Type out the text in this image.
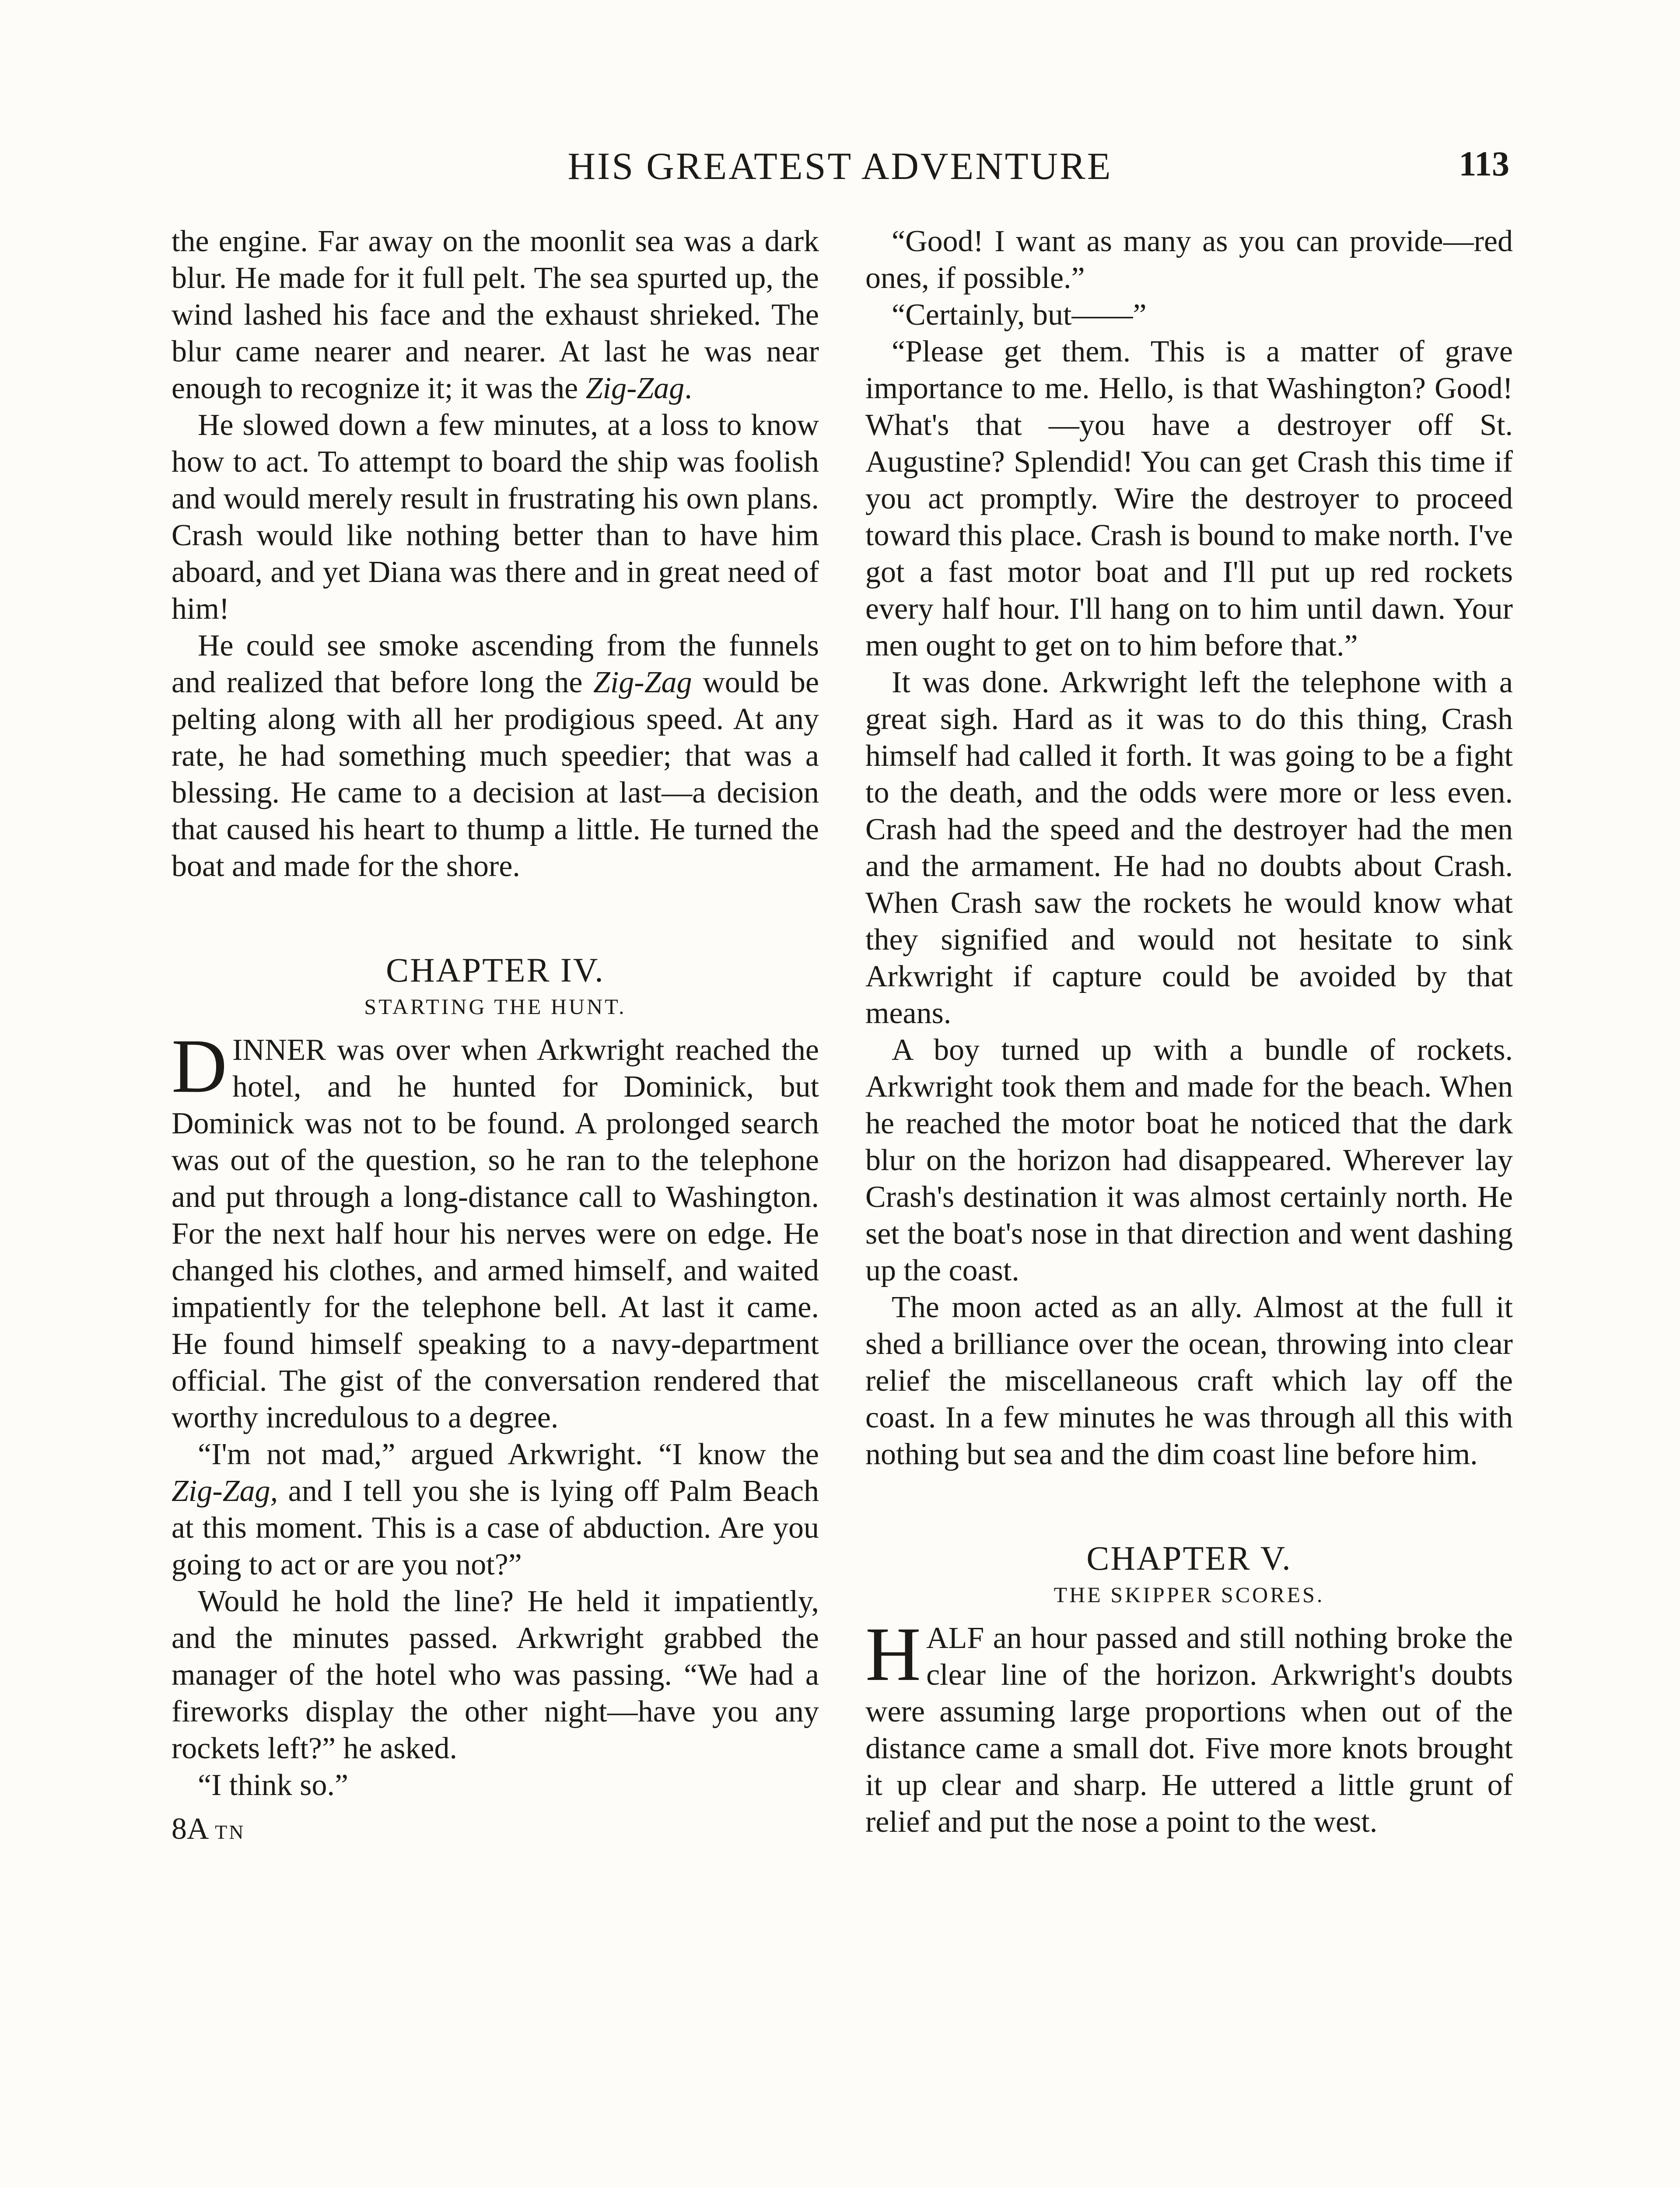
HIS GREATEST ADVENTURE	113

the engine. Far away on the moonlit sea was a dark blur. He made for it full pelt. The sea spurted up, the wind lashed his face and the exhaust shrieked. The blur came nearer and nearer. At last he was near enough to recognize it; it was the Zig-Zag.

He slowed down a few minutes, at a loss to know how to act. To attempt to board the ship was foolish and would merely result in frustrating his own plans. Crash would like nothing better than to have him aboard, and yet Diana was there and in great need of him!

He could see smoke ascending from the funnels and realized that before long the Zig-Zag would be pelting along with all her prodigious speed. At any rate, he had something much speedier; that was a blessing. He came to a decision at last—a decision that caused his heart to thump a little. He turned the boat and made for the shore.

CHAPTER IV.
STARTING THE HUNT.

DINNER was over when Arkwright reached the hotel, and he hunted for Dominick, but Dominick was not to be found. A prolonged search was out of the question, so he ran to the telephone and put through a long-distance call to Washington. For the next half hour his nerves were on edge. He changed his clothes, and armed himself, and waited impatiently for the telephone bell. At last it came. He found himself speaking to a navy-department official. The gist of the conversation rendered that worthy incredulous to a degree.

“I'm not mad,” argued Arkwright. “I know the Zig-Zag, and I tell you she is lying off Palm Beach at this moment. This is a case of abduction. Are you going to act or are you not?”

Would he hold the line? He held it impatiently, and the minutes passed. Arkwright grabbed the manager of the hotel who was passing. “We had a fireworks display the other night—have you any rockets left?” he asked.

“I think so.”

8A TN

“Good! I want as many as you can provide—red ones, if possible.”

“Certainly, but——”

“Please get them. This is a matter of grave importance to me. Hello, is that Washington? Good! What's that —you have a destroyer off St. Augustine? Splendid! You can get Crash this time if you act promptly. Wire the destroyer to proceed toward this place. Crash is bound to make north. I've got a fast motor boat and I'll put up red rockets every half hour. I'll hang on to him until dawn. Your men ought to get on to him before that.”

It was done. Arkwright left the telephone with a great sigh. Hard as it was to do this thing, Crash himself had called it forth. It was going to be a fight to the death, and the odds were more or less even. Crash had the speed and the destroyer had the men and the armament. He had no doubts about Crash. When Crash saw the rockets he would know what they signified and would not hesitate to sink Arkwright if capture could be avoided by that means.

A boy turned up with a bundle of rockets. Arkwright took them and made for the beach. When he reached the motor boat he noticed that the dark blur on the horizon had disappeared. Wherever lay Crash's destination it was almost certainly north. He set the boat's nose in that direction and went dashing up the coast.

The moon acted as an ally. Almost at the full it shed a brilliance over the ocean, throwing into clear relief the miscellaneous craft which lay off the coast. In a few minutes he was through all this with nothing but sea and the dim coast line before him.

CHAPTER V.
THE SKIPPER SCORES.

HALF an hour passed and still nothing broke the clear line of the horizon. Arkwright's doubts were assuming large proportions when out of the distance came a small dot. Five more knots brought it up clear and sharp. He uttered a little grunt of relief and put the nose a point to the west.
